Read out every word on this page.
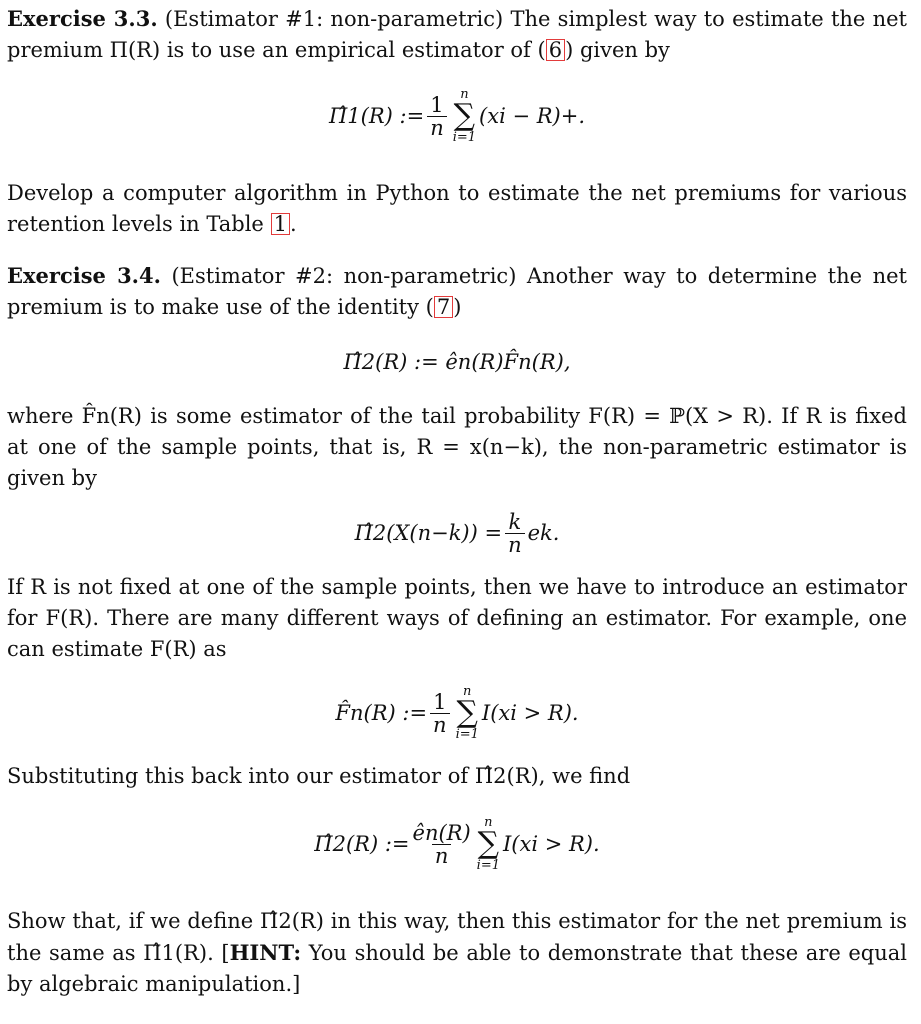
Exercise 3.3. (Estimator #1: non-parametric) The simplest way to estimate the net premium Π(R) is to use an empirical estimator of ( 6 ) given by

Π̂1(R) := $\frac{1}{n}$ n
∑
i=1
(xi − R)+.

Develop a computer algorithm in Python to estimate the net premiums for various retention levels in Table 1 .

Exercise 3.4. (Estimator #2: non-parametric) Another way to determine the net premium is to make use of the identity ( 7 )

Π̂2(R) := ên(R)F̂n(R),

where F̂n(R) is some estimator of the tail probability F(R) = ℙ(X > R). If R is fixed at one of the sample points, that is, R = x(n−k), the non-parametric estimator is given by

Π̂2(X(n−k)) = $\frac{k}{n}$ ek.

If R is not fixed at one of the sample points, then we have to introduce an estimator for F(R). There are many different ways of defining an estimator. For example, one can estimate F(R) as

F̂n(R) := $\frac{1}{n}$ n
∑
i=1
I(xi > R).

Substituting this back into our estimator of Π̂2(R), we find

Π̂2(R) := $\frac{ên(R)}{n}$ n
∑
i=1
I(xi > R).

Show that, if we define Π̂2(R) in this way, then this estimator for the net premium is the same as Π̂1(R). [HINT: You should be able to demonstrate that these are equal by algebraic manipulation.]
